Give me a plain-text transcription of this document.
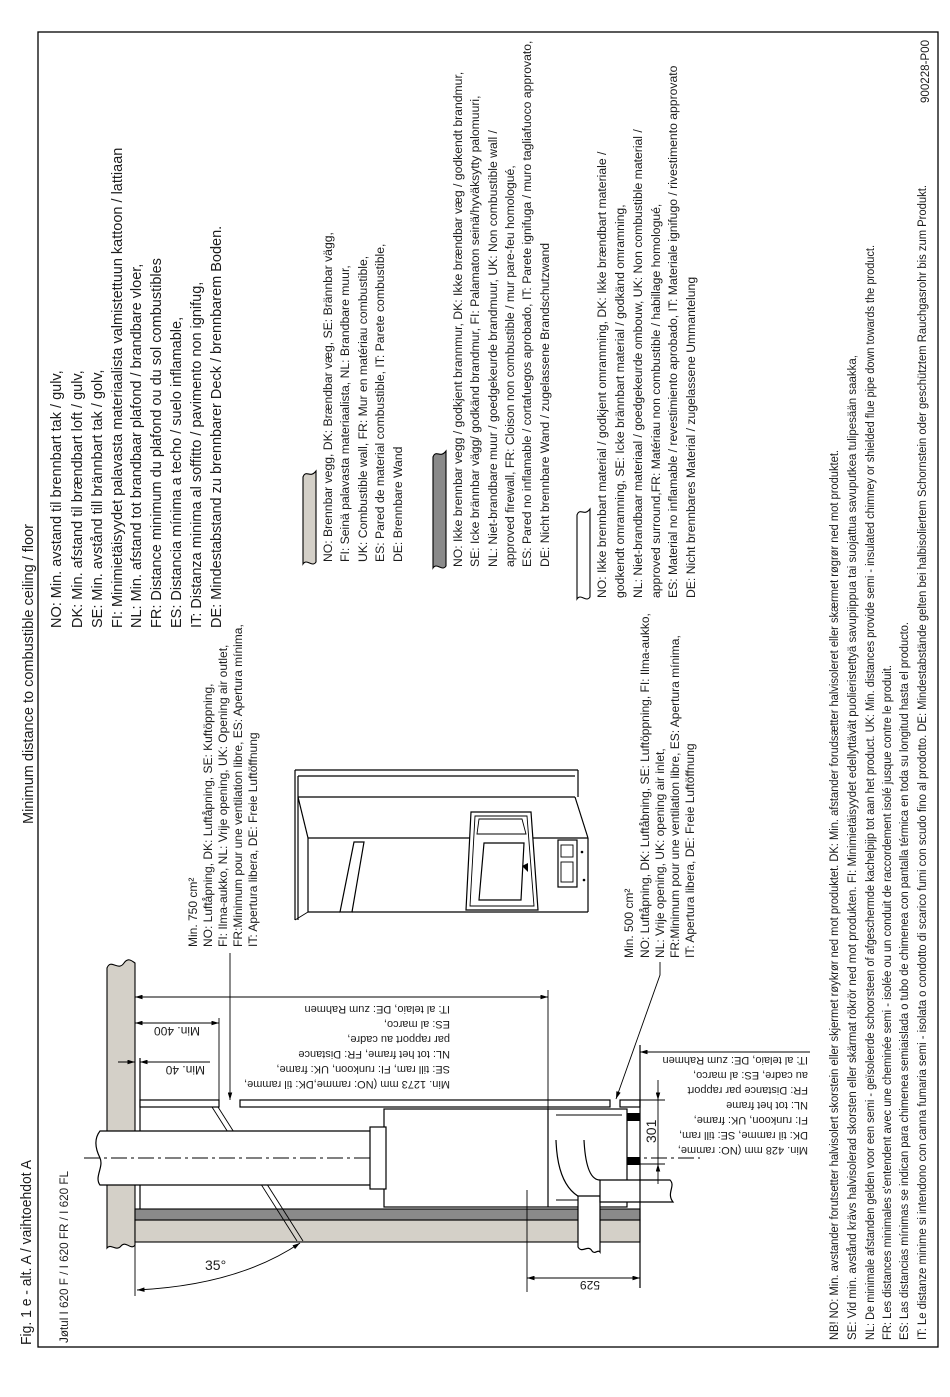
Fig. 1 e - alt. A / vaihtoehdot A Jøtul I 620 F / I 620 FR / I 620 FL
Minimum distance to combustible ceiling / floor
900228-P00
NO: Min. avstand til brennbart tak / gulv, DK: Min. afstand til brændbart loft / gulv, SE: Min. avstånd till brännbart tak / golv, FI: Minimietäisyydet palavasta materiaalista valmistettuun kattoon / lattiaan NL: Min. afstand tot brandbaar plafond / brandbare vloer, FR: Distance minimum du plafond ou du sol combustibles ES: Distancia mínima a techo / suelo inflamable, IT: Distanza minima al soffitto / pavimento non ignifug, DE: Mindestabstand zu brennbarer Deck / brennbarem Boden.	NO: Brennbar vegg, DK: Brændbar væg, SE: Brännbar vägg, FI: Seinä palavasta materiaalista, NL: Brandbare muur, UK: Combustible wall, FR: Mur en matériau combustible, ES: Pared de material combustible, IT: Parete combustible, DE: Brennbare Wand	NO: Ikke brennbar vegg / godkjent brannmur, DK: Ikke brændbar væg / godkendt brandmur, SE: Icke brännbar vägg/ godkänd brandmur, FI: Palamaton seinä/hyväksytty palomuuri, NL: Niet-brandbare muur / goedgekeurde brandmuur, UK: Non combustible wall / approved firewall, FR: Cloison non combustible / mur pare-feu homologué, ES: Pared no inflamable / cortafuegos aprobado, IT: Parete ignifuga / muro tagliafuoco approvato, DE: Nicht brennbare Wand / zugelassene Brandschutzwand	NO: Ikke brennbart material / godkjent omramming, DK: Ikke brændbart materiale / godkendt omramning, SE: Icke brännbart material / godkänd omramning, NL: Niet-brandbaar materiaal / goedgekeurde ombouw, UK: Non combustible material / approved surround,FR: Matériau non combustible / habillage homologué, ES: Material no inflamable / revestimiento aprobado, IT: Materiale ignifugo / rivestimento approvato DE: Nicht brennbares Material / zugelassene Ummantelung	NB! NO: Min. avstander forutsetter halvisolert skorstein eller skjermet røykrør ned mot produktet. DK: Min. afstander forudsætter halvisoleret eller skærmet røgrør ned mot produktet. SE: Vid min. avstånd krävs halvisolerad skorsten eller skärmat rökrör ned mot produkten. FI: Minimietäisyydet edellyttävät puolieristettyä savupiippua tai suojattua savuputkea tulipesään saakka, NL: De minimale afstanden gelden voor een semi - geïsoleerde schoorsteen of afgeschermde kachelpijp tot aan het product. UK: Min. distances provide semi - insulated chimney or shielded flue pipe down towards the product. FR: Les distances minimales s'entendent avec une cheminée semi - isolée ou un conduit de raccordement isolé jusque contre le produit. ES: Las distancias mínimas se indican para chimenea semiaislada o tubo de chimenea con pantalla térmica en toda su longitud hasta el producto. IT: Le distanze minime si intendono con canna fumaria semi - isolata o condotto di scarico fumi con scudo fino al prodotto. DE: Mindestabstände gelten bei halbisoliertem Schornstein oder geschütztem Rauchgasrohr bis zum Produkt.
Min. 750 cm² NO: Luftåpning, DK: Luftåpning, SE: Kuftöppning, FI: Ilma-aukko, NL: Vrije opening, UK: Opening air outlet, FR:Minimum pour une ventilation libre, ES: Apertura mínima, IT: Apertura libera, DE: Freie Luftöffnung	Min. 500 cm² NO: Luftåpning, DK: Luftåbning, SE: Luftöppning, FI: Ilma-aukko, NL: Vrije opening, UK: opening air inlet, FR:Minimum pour une ventilation libre, ES: Apertura mínima, IT: Apertura libera, DE: Freie Luftöffnung
Min. 400
Min. 40
529
301
35°
Min. 1273 mm (NO: ramme,DK: til ramme,
SE: till ram, FI: runkoon, UK: frame,
NL: tot het frame, FR: Distance
par rapport au cadre,
ES: al marco,
IT: al telaio, DE: zum Rahmen
Min. 428 mm (NO: ramme,
DK: til ramme, SE: till ram,
FI: runkoon, UK: frame,
NL: tot het frame
FR: Distance par rapport
au cadre, ES: al marco,
IT: al telaio, DE: zum Rahmen
